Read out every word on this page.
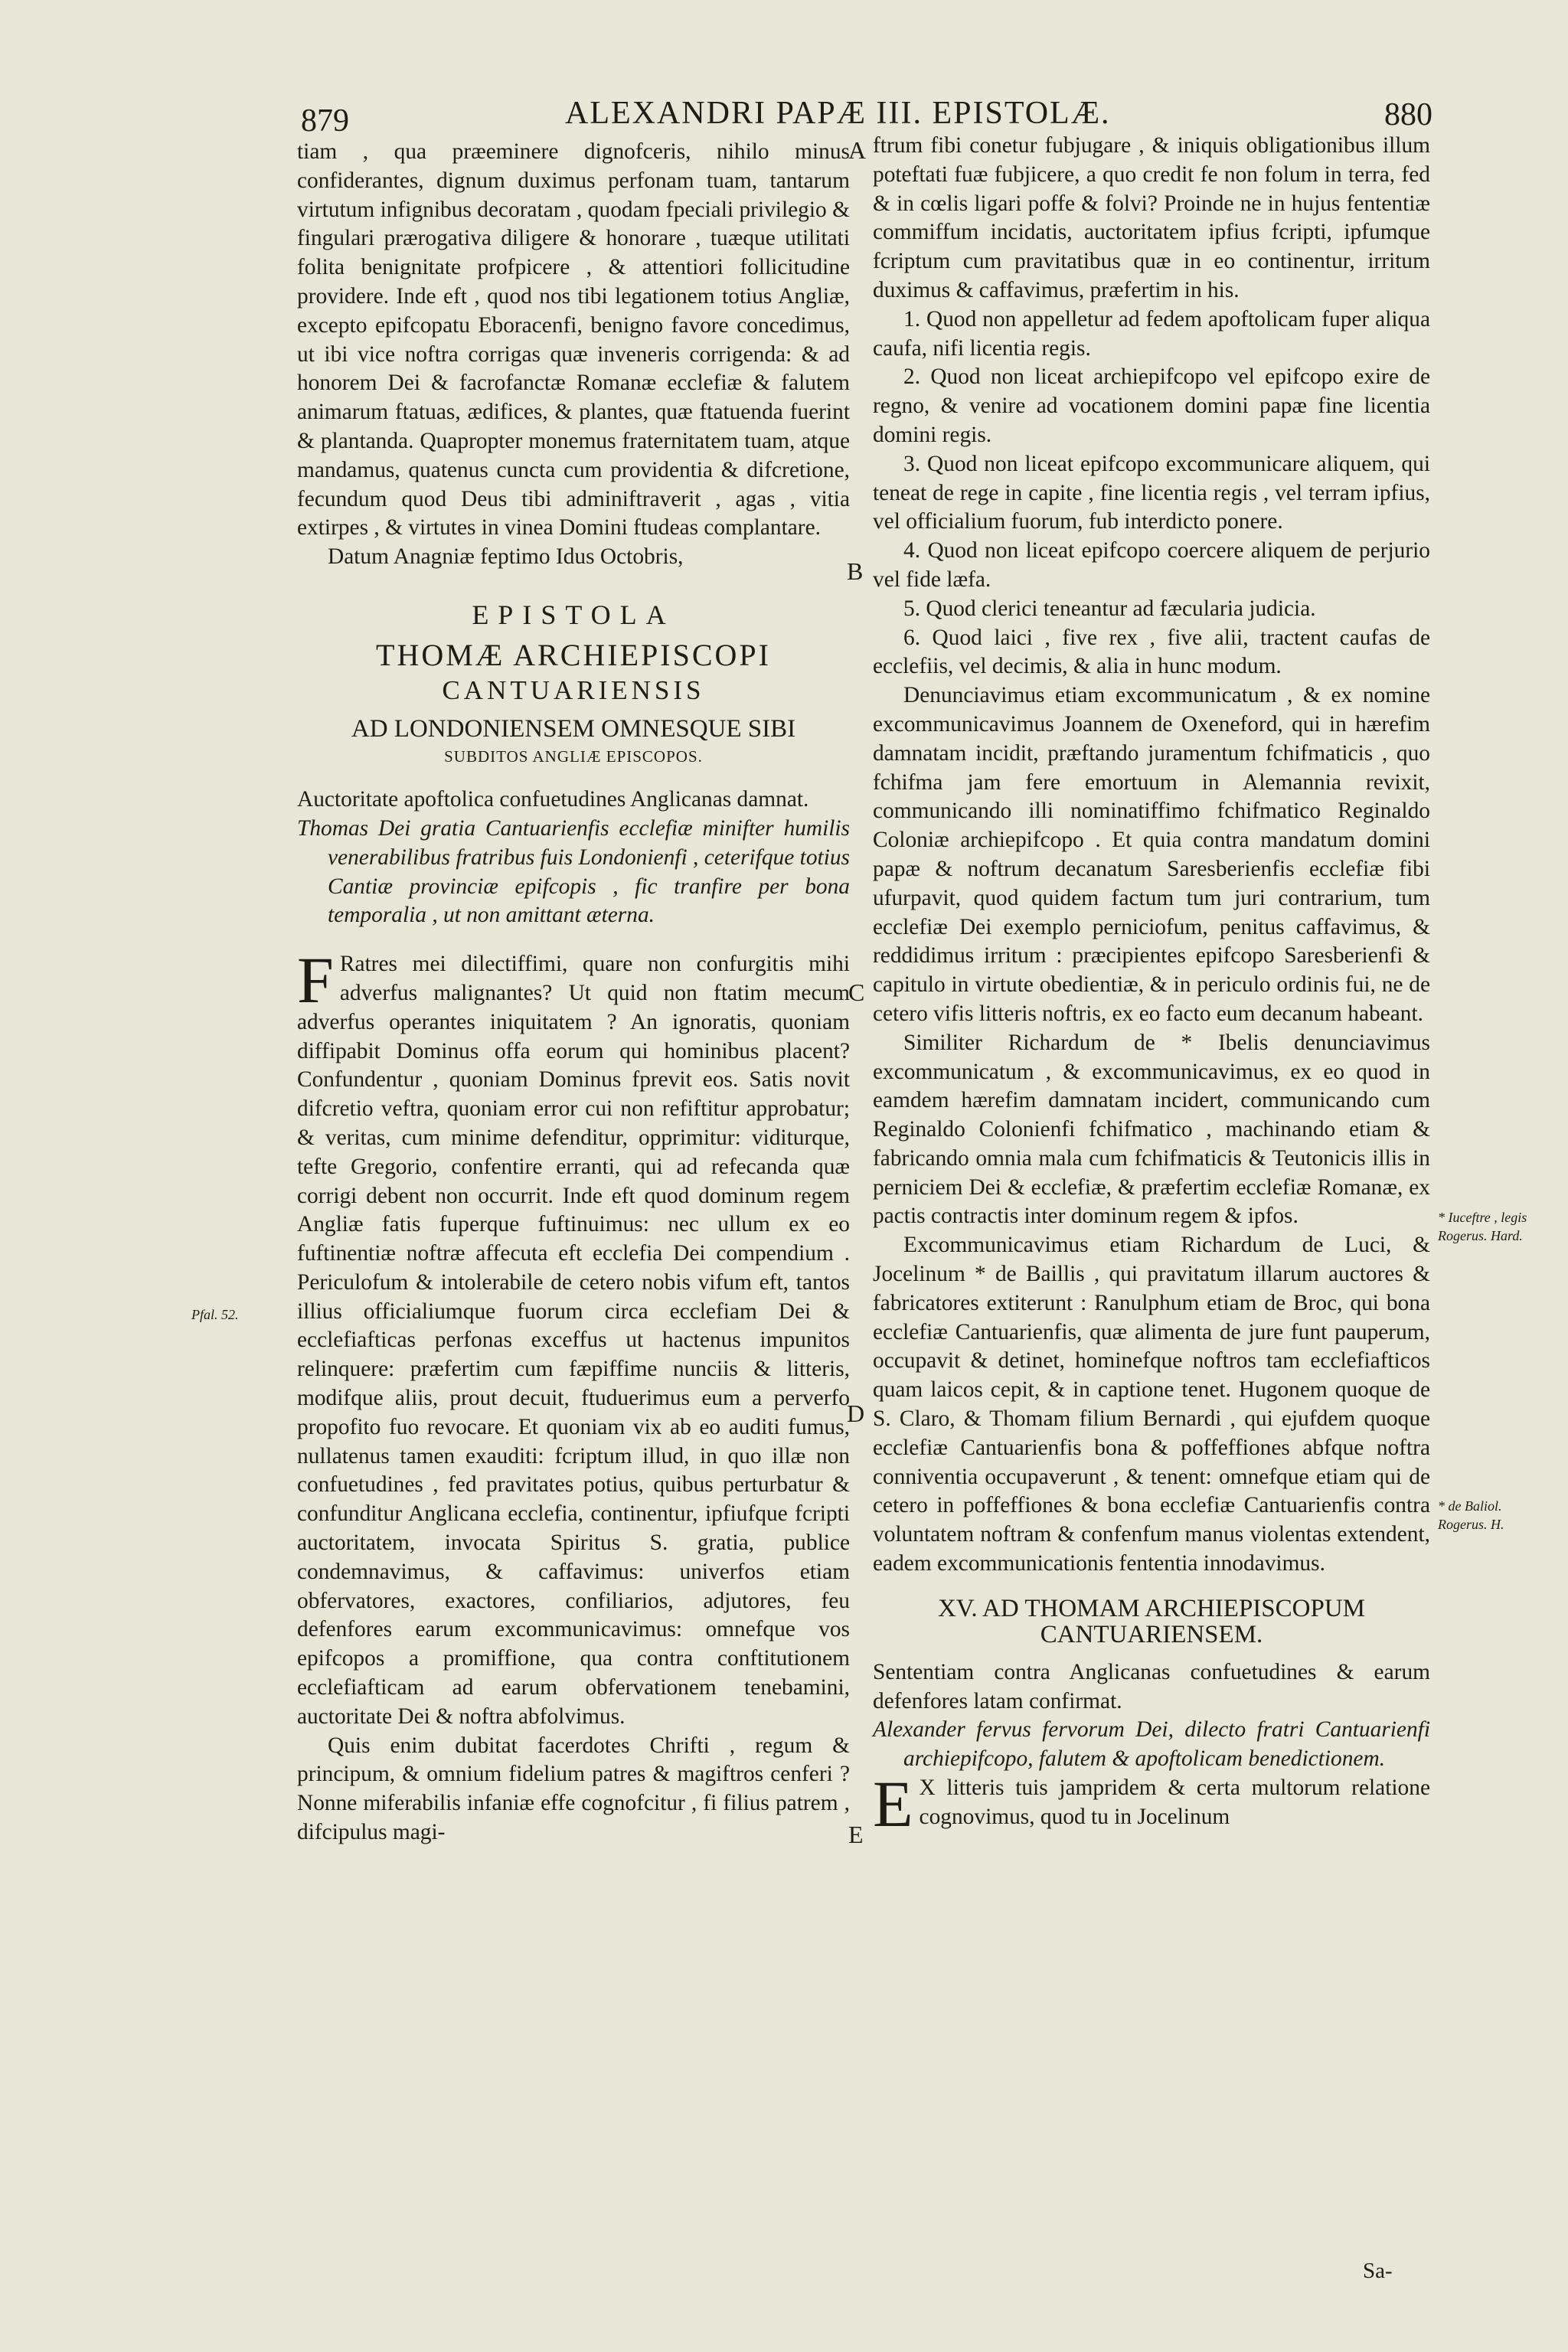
879	ALEXANDRI PAPÆ III. EPISTOLÆ.	880

tiam , qua præeminere dignofceris, nihilo minus confiderantes, dignum duximus perfonam tuam, tantarum virtutum infignibus decoratam , quodam fpeciali privilegio & fingulari prærogativa diligere & honorare , tuæque utilitati folita benignitate profpicere , & attentiori follicitudine providere. Inde eft , quod nos tibi legationem totius Angliæ, excepto epifcopatu Eboracenfi, benigno favore concedimus, ut ibi vice noftra corrigas quæ inveneris corrigenda: & ad honorem Dei & facrofanctæ Romanæ ecclefiæ & falutem animarum ftatuas, ædifices, & plantes, quæ ftatuenda fuerint & plantanda. Quapropter monemus fraternitatem tuam, atque mandamus, quatenus cuncta cum providentia & difcretione, fecundum quod Deus tibi adminiftraverit , agas , vitia extirpes , & virtutes in vinea Domini ftudeas complantare.

Datum Anagniæ feptimo Idus Octobris,

EPISTOLA
THOMÆ ARCHIEPISCOPI
CANTUARIENSIS
AD LONDONIENSEM OMNESQUE SIBI
SUBDITOS ANGLIÆ EPISCOPOS.

Auctoritate apoftolica confuetudines Anglicanas damnat.

Thomas Dei gratia Cantuarienfis ecclefiæ minifter humilis venerabilibus fratribus fuis Londonienfi , ceterifque totius Cantiæ provinciæ epifcopis , fic tranfire per bona temporalia , ut non amittant æterna.

F Ratres mei dilectiffimi, quare non confurgitis mihi adverfus malignantes? Ut quid non ftatim mecum adverfus operantes iniquitatem ? An ignoratis, quoniam diffipabit Dominus offa eorum qui hominibus placent? Confundentur , quoniam Dominus fprevit eos. Satis novit difcretio veftra, quoniam error cui non refiftitur approbatur; & veritas, cum minime defenditur, opprimitur: viditurque, tefte Gregorio, confentire erranti, qui ad refecanda quæ corrigi debent non occurrit. Inde eft quod dominum regem Angliæ fatis fuperque fuftinuimus: nec ullum ex eo fuftinentiæ noftræ affecuta eft ecclefia Dei compendium . Periculofum & intolerabile de cetero nobis vifum eft, tantos illius officialiumque fuorum circa ecclefiam Dei & ecclefiafticas perfonas exceffus ut hactenus impunitos relinquere: præfertim cum fæpiffime nunciis & litteris, modifque aliis, prout decuit, ftuduerimus eum a perverfo propofito fuo revocare. Et quoniam vix ab eo auditi fumus, nullatenus tamen exauditi: fcriptum illud, in quo illæ non confuetudines , fed pravitates potius, quibus perturbatur & confunditur Anglicana ecclefia, continentur, ipfiufque fcripti auctoritatem, invocata Spiritus S. gratia, publice condemnavimus, & caffavimus: univerfos etiam obfervatores, exactores, confiliarios, adjutores, feu defenfores earum excommunicavimus: omnefque vos epifcopos a promiffione, qua contra conftitutionem ecclefiafticam ad earum obfervationem tenebamini, auctoritate Dei & noftra abfolvimus.

Quis enim dubitat facerdotes Chrifti , regum & principum, & omnium fidelium patres & magiftros cenferi ? Nonne miferabilis infaniæ effe cognofcitur , fi filius patrem , difcipulus magi-

ftrum fibi conetur fubjugare , & iniquis obligationibus illum poteftati fuæ fubjicere, a quo credit fe non folum in terra, fed & in cœlis ligari poffe & folvi? Proinde ne in hujus fententiæ commiffum incidatis, auctoritatem ipfius fcripti, ipfumque fcriptum cum pravitatibus quæ in eo continentur, irritum duximus & caffavimus, præfertim in his.

1. Quod non appelletur ad fedem apoftolicam fuper aliqua caufa, nifi licentia regis.

2. Quod non liceat archiepifcopo vel epifcopo exire de regno, & venire ad vocationem domini papæ fine licentia domini regis.

3. Quod non liceat epifcopo excommunicare aliquem, qui teneat de rege in capite , fine licentia regis , vel terram ipfius, vel officialium fuorum, fub interdicto ponere.

4. Quod non liceat epifcopo coercere aliquem de perjurio vel fide læfa.

5. Quod clerici teneantur ad fæcularia judicia.

6. Quod laici , five rex , five alii, tractent caufas de ecclefiis, vel decimis, & alia in hunc modum.

Denunciavimus etiam excommunicatum , & ex nomine excommunicavimus Joannem de Oxeneford, qui in hærefim damnatam incidit, præftando juramentum fchifmaticis , quo fchifma jam fere emortuum in Alemannia revixit, communicando illi nominatiffimo fchifmatico Reginaldo Coloniæ archiepifcopo . Et quia contra mandatum domini papæ & noftrum decanatum Saresberienfis ecclefiæ fibi ufurpavit, quod quidem factum tum juri contrarium, tum ecclefiæ Dei exemplo perniciofum, penitus caffavimus, & reddidimus irritum : præcipientes epifcopo Saresberienfi & capitulo in virtute obedientiæ, & in periculo ordinis fui, ne de cetero vifis litteris noftris, ex eo facto eum decanum habeant.

Similiter Richardum de * Ibelis denunciavimus excommunicatum , & excommunicavimus, ex eo quod in eamdem hærefim damnatam incidert, communicando cum Reginaldo Colonienfi fchifmatico , machinando etiam & fabricando omnia mala cum fchifmaticis & Teutonicis illis in perniciem Dei & ecclefiæ, & præfertim ecclefiæ Romanæ, ex pactis contractis inter dominum regem & ipfos.

Excommunicavimus etiam Richardum de Luci, & Jocelinum * de Baillis , qui pravitatum illarum auctores & fabricatores extiterunt : Ranulphum etiam de Broc, qui bona ecclefiæ Cantuarienfis, quæ alimenta de jure funt pauperum, occupavit & detinet, hominefque noftros tam ecclefiafticos quam laicos cepit, & in captione tenet. Hugonem quoque de S. Claro, & Thomam filium Bernardi , qui ejufdem quoque ecclefiæ Cantuarienfis bona & poffeffiones abfque noftra conniventia occupaverunt , & tenent: omnefque etiam qui de cetero in poffeffiones & bona ecclefiæ Cantuarienfis contra voluntatem noftram & confenfum manus violentas extendent, eadem excommunicationis fententia innodavimus.

XV. AD THOMAM ARCHIEPISCOPUM CANTUARIENSEM.

Sententiam contra Anglicanas confuetudines & earum defenfores latam confirmat.

Alexander fervus fervorum Dei, dilecto fratri Cantuarienfi archiepifcopo, falutem & apoftolicam benedictionem.

E X litteris tuis jampridem & certa multorum relatione cognovimus, quod tu in Jocelinum

Sa-
A
B
C
D
E
Pfal. 52.
* Iuceftre , legis Rogerus. Hard.
* de Baliol. Rogerus. H.
